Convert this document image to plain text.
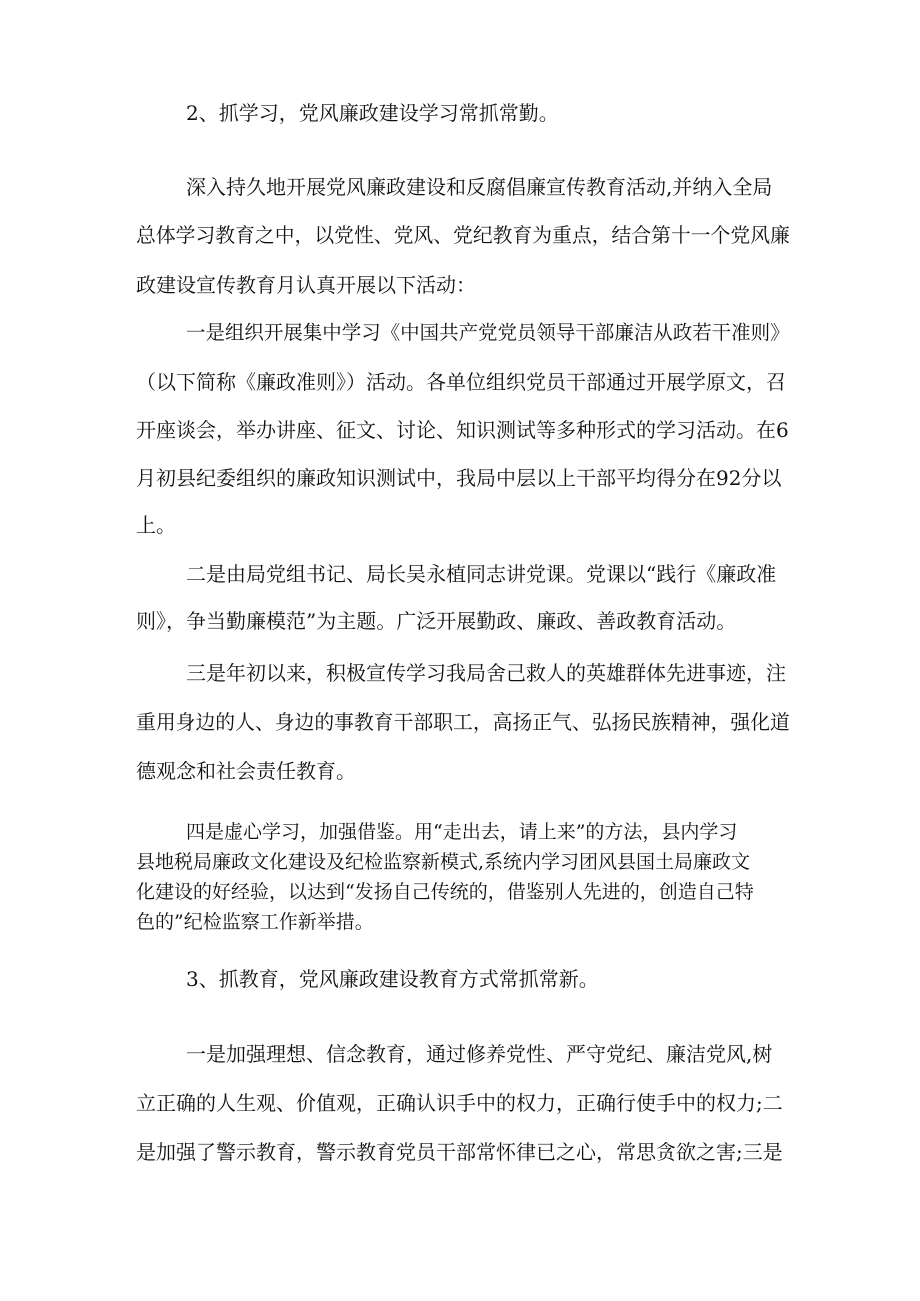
2、抓学习，党风廉政建设学习常抓常勤。

深入持久地开展党风廉政建设和反腐倡廉宣传教育活动,并纳入全局

总体学习教育之中，以党性、党风、党纪教育为重点，结合第十一个党风廉

政建设宣传教育月认真开展以下活动：

一是组织开展集中学习《中国共产党党员领导干部廉洁从政若干准则》

（以下简称《廉政准则》）活动。各单位组织党员干部通过开展学原文，召

开座谈会，举办讲座、征文、讨论、知识测试等多种形式的学习活动。在6

月初县纪委组织的廉政知识测试中，我局中层以上干部平均得分在92分以

上。

二是由局党组书记、局长吴永植同志讲党课。党课以“践行《廉政准

则》，争当勤廉模范”为主题。广泛开展勤政、廉政、善政教育活动。

三是年初以来，积极宣传学习我局舍己救人的英雄群体先进事迹，注

重用身边的人、身边的事教育干部职工，高扬正气、弘扬民族精神，强化道

德观念和社会责任教育。

四是虚心学习，加强借鉴。用“走出去，请上来”的方法，县内学习

县地税局廉政文化建设及纪检监察新模式,系统内学习团风县国土局廉政文

化建设的好经验，以达到“发扬自己传统的，借鉴别人先进的，创造自己特

色的”纪检监察工作新举措。

3、抓教育，党风廉政建设教育方式常抓常新。

一是加强理想、信念教育，通过修养党性、严守党纪、廉洁党风,树

立正确的人生观、价值观，正确认识手中的权力，正确行使手中的权力;二

是加强了警示教育，警示教育党员干部常怀律已之心，常思贪欲之害;三是
